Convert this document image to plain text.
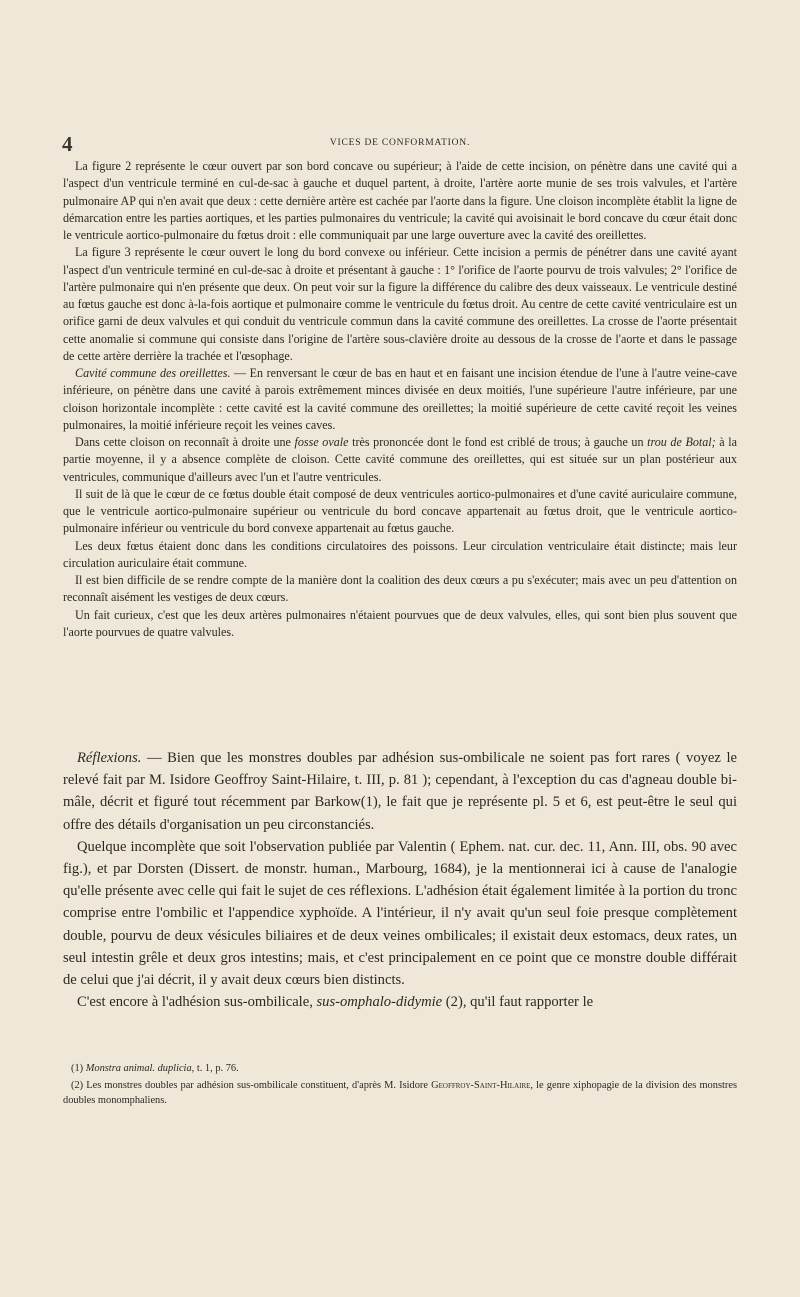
4	VICES DE CONFORMATION.

La figure 2 représente le cœur ouvert par son bord concave ou supérieur; à l'aide de cette incision, on pénètre dans une cavité qui a l'aspect d'un ventricule terminé en cul-de-sac à gauche et duquel partent, à droite, l'artère aorte munie de ses trois valvules, et l'artère pulmonaire AP qui n'en avait que deux : cette dernière artère est cachée par l'aorte dans la figure. Une cloison incomplète établit la ligne de démarcation entre les parties aortiques, et les parties pulmonaires du ventricule; la cavité qui avoisinait le bord concave du cœur était donc le ventricule aortico-pulmonaire du fœtus droit : elle communiquait par une large ouverture avec la cavité des oreillettes.

La figure 3 représente le cœur ouvert le long du bord convexe ou inférieur. Cette incision a permis de pénétrer dans une cavité ayant l'aspect d'un ventricule terminé en cul-de-sac à droite et présentant à gauche : 1° l'orifice de l'aorte pourvu de trois valvules; 2° l'orifice de l'artère pulmonaire qui n'en présente que deux. On peut voir sur la figure la différence du calibre des deux vaisseaux. Le ventricule destiné au fœtus gauche est donc à-la-fois aortique et pulmonaire comme le ventricule du fœtus droit. Au centre de cette cavité ventriculaire est un orifice garni de deux valvules et qui conduit du ventricule commun dans la cavité commune des oreillettes. La crosse de l'aorte présentait cette anomalie si commune qui consiste dans l'origine de l'artère sous-clavière droite au dessous de la crosse de l'aorte et dans le passage de cette artère derrière la trachée et l'œsophage.

Cavité commune des oreillettes. — En renversant le cœur de bas en haut et en faisant une incision étendue de l'une à l'autre veine-cave inférieure, on pénètre dans une cavité à parois extrêmement minces divisée en deux moitiés, l'une supérieure l'autre inférieure, par une cloison horizontale incomplète : cette cavité est la cavité commune des oreillettes; la moitié supérieure de cette cavité reçoit les veines pulmonaires, la moitié inférieure reçoit les veines caves.

Dans cette cloison on reconnaît à droite une fosse ovale très prononcée dont le fond est criblé de trous; à gauche un trou de Botal; à la partie moyenne, il y a absence complète de cloison. Cette cavité commune des oreillettes, qui est située sur un plan postérieur aux ventricules, communique d'ailleurs avec l'un et l'autre ventricules.

Il suit de là que le cœur de ce fœtus double était composé de deux ventricules aortico-pulmonaires et d'une cavité auriculaire commune, que le ventricule aortico-pulmonaire supérieur ou ventricule du bord concave appartenait au fœtus droit, que le ventricule aortico-pulmonaire inférieur ou ventricule du bord convexe appartenait au fœtus gauche.

Les deux fœtus étaient donc dans les conditions circulatoires des poissons. Leur circulation ventriculaire était distincte; mais leur circulation auriculaire était commune.

Il est bien difficile de se rendre compte de la manière dont la coalition des deux cœurs a pu s'exécuter; mais avec un peu d'attention on reconnaît aisément les vestiges de deux cœurs.

Un fait curieux, c'est que les deux artères pulmonaires n'étaient pourvues que de deux valvules, elles, qui sont bien plus souvent que l'aorte pourvues de quatre valvules.

Réflexions. — Bien que les monstres doubles par adhésion sus-ombilicale ne soient pas fort rares ( voyez le relevé fait par M. Isidore Geoffroy Saint-Hilaire, t. III, p. 81 ); cependant, à l'exception du cas d'agneau double bi-mâle, décrit et figuré tout récemment par Barkow(1), le fait que je représente pl. 5 et 6, est peut-être le seul qui offre des détails d'organisation un peu circonstanciés.

Quelque incomplète que soit l'observation publiée par Valentin ( Ephem. nat. cur. dec. 11, Ann. III, obs. 90 avec fig.), et par Dorsten (Dissert. de monstr. human., Marbourg, 1684), je la mentionnerai ici à cause de l'analogie qu'elle présente avec celle qui fait le sujet de ces réflexions. L'adhésion était également limitée à la portion du tronc comprise entre l'ombilic et l'appendice xyphoïde. A l'intérieur, il n'y avait qu'un seul foie presque complètement double, pourvu de deux vésicules biliaires et de deux veines ombilicales; il existait deux estomacs, deux rates, un seul intestin grêle et deux gros intestins; mais, et c'est principalement en ce point que ce monstre double différait de celui que j'ai décrit, il y avait deux cœurs bien distincts.

C'est encore à l'adhésion sus-ombilicale, sus-omphalo-didymie (2), qu'il faut rapporter le

(1) Monstra animal. duplicia, t. 1, p. 76.

(2) Les monstres doubles par adhésion sus-ombilicale constituent, d'après M. Isidore Geoffroy-Saint-Hilaire, le genre xiphopagie de la division des monstres doubles monomphaliens.
